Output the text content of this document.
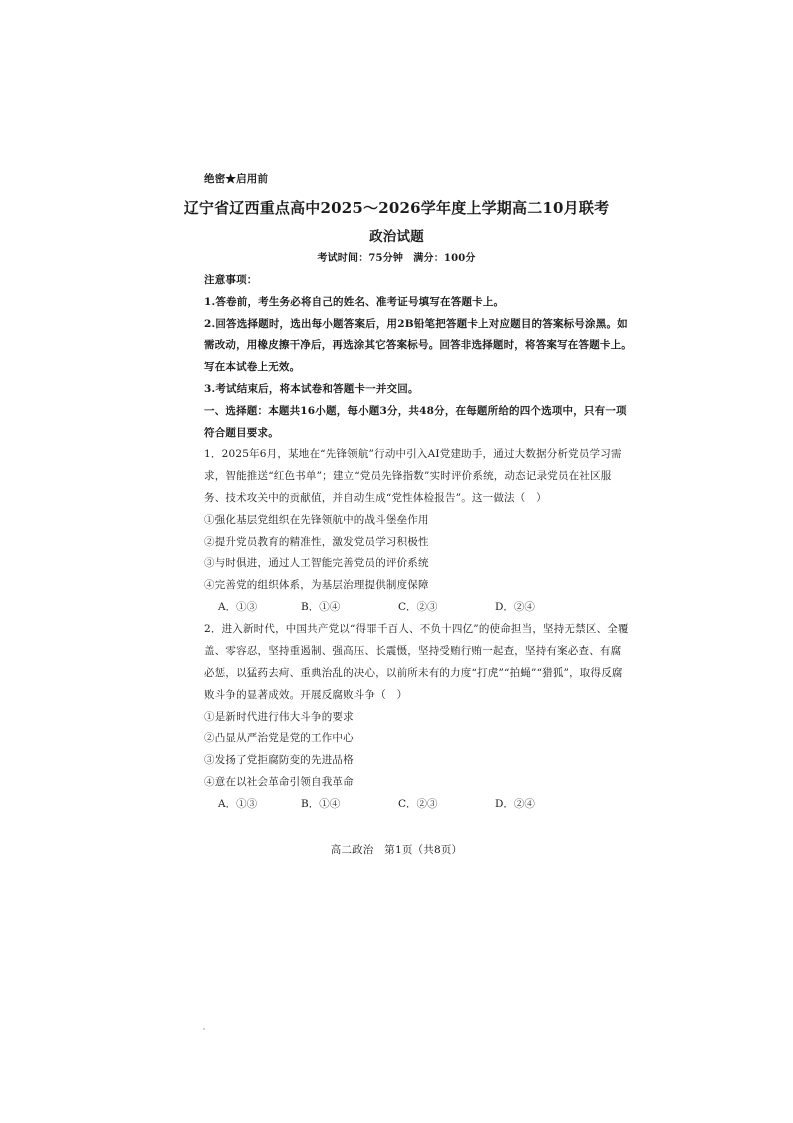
绝密★启用前
辽宁省辽西重点高中2025～2026学年度上学期高二10月联考
政治试题
考试时间：75分钟　满分：100分
注意事项：
1.答卷前，考生务必将自己的姓名、准考证号填写在答题卡上。
2.回答选择题时，选出每小题答案后，用2B铅笔把答题卡上对应题目的答案标号涂黑。如
需改动，用橡皮擦干净后，再选涂其它答案标号。回答非选择题时，将答案写在答题卡上。
写在本试卷上无效。
3.考试结束后，将本试卷和答题卡一并交回。
一、选择题：本题共16小题，每小题3分，共48分，在每题所给的四个选项中，只有一项
符合题目要求。
1．2025年6月，某地在“先锋领航”行动中引入AI党建助手，通过大数据分析党员学习需
求，智能推送“红色书单”；建立“党员先锋指数”实时评价系统，动态记录党员在社区服
务、技术攻关中的贡献值，并自动生成“党性体检报告”。这一做法（　）
①强化基层党组织在先锋领航中的战斗堡垒作用
②提升党员教育的精准性，激发党员学习积极性
③与时俱进，通过人工智能完善党员的评价系统
④完善党的组织体系，为基层治理提供制度保障
A．①③	B．①④	C．②③	D．②④
2．进入新时代，中国共产党以“得罪千百人、不负十四亿”的使命担当，坚持无禁区、全覆
盖、零容忍，坚持重遏制、强高压、长震慑，坚持受贿行贿一起查，坚持有案必查、有腐
必惩，以猛药去疴、重典治乱的决心，以前所未有的力度“打虎”“拍蝇”“猎狐”，取得反腐
败斗争的显著成效。开展反腐败斗争（　）
①是新时代进行伟大斗争的要求
②凸显从严治党是党的工作中心
③发扬了党拒腐防变的先进品格
④意在以社会革命引领自我革命
A．①③	B．①④	C．②③	D．②④
高二政治　第1页（共8页）
